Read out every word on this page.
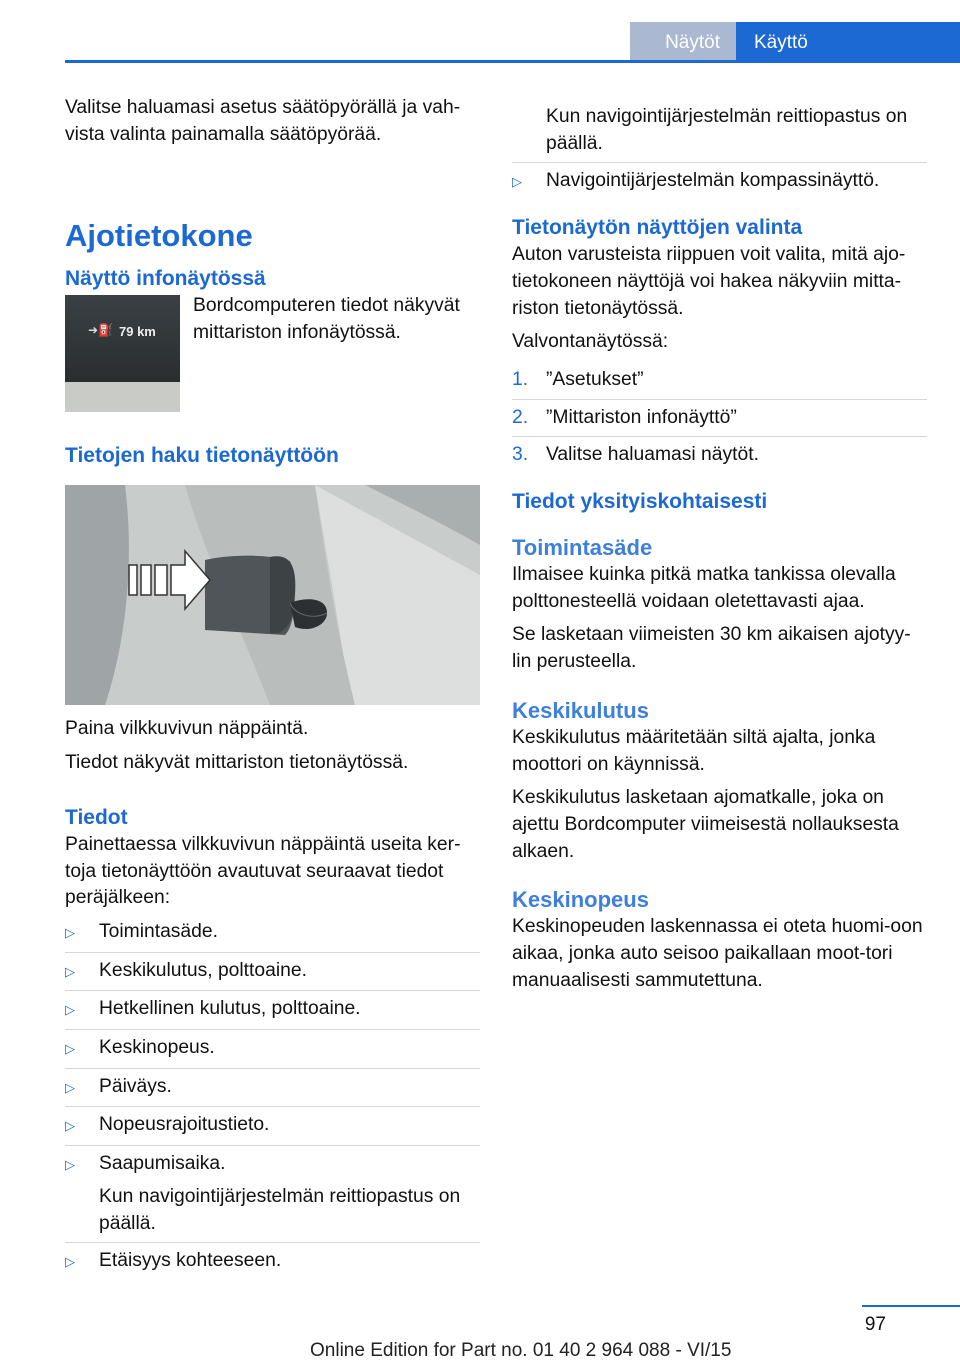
Näytöt	Käyttö

Valitse haluamasi asetus säätöpyörällä ja vah-vista valinta painamalla säätöpyörää.

Ajotietokone
Näyttö infonäytössä
➜⛽ 79 km

Bordcomputeren tiedot näkyvät mittariston infonäytössä.

Tietojen haku tietonäyttöön

Paina vilkkuvivun näppäintä.

Tiedot näkyvät mittariston tietonäytössä.

Tiedot

Painettaessa vilkkuvivun näppäintä useita ker-toja tietonäyttöön avautuvat seuraavat tiedot peräjälkeen:

▷	Toimintasäde.
▷	Keskikulutus, polttoaine.
▷	Hetkellinen kulutus, polttoaine.
▷	Keskinopeus.
▷	Päiväys.
▷	Nopeusrajoitustieto.
▷	Saapumisaika.
Kun navigointijärjestelmän reittiopastus on päällä.
▷	Etäisyys kohteeseen.
Kun navigointijärjestelmän reittiopastus on päällä.
▷	Navigointijärjestelmän kompassinäyttö.
Tietonäytön näyttöjen valinta

Auton varusteista riippuen voit valita, mitä ajo-tietokoneen näyttöjä voi hakea näkyviin mitta-riston tietonäytössä.

Valvontanäytössä:

1. ”Asetukset”
2. ”Mittariston infonäyttö”
3. Valitse haluamasi näytöt.
Tiedot yksityiskohtaisesti
Toimintasäde

Ilmaisee kuinka pitkä matka tankissa olevalla polttonesteellä voidaan oletettavasti ajaa.

Se lasketaan viimeisten 30 km aikaisen ajotyy-lin perusteella.

Keskikulutus

Keskikulutus määritetään siltä ajalta, jonka moottori on käynnissä.

Keskikulutus lasketaan ajomatkalle, joka on ajettu Bordcomputer viimeisestä nollauksesta alkaen.

Keskinopeus

Keskinopeuden laskennassa ei oteta huomi-oon aikaa, jonka auto seisoo paikallaan moot-tori manuaalisesti sammutettuna.

97
Online Edition for Part no. 01 40 2 964 088 - VI/15
